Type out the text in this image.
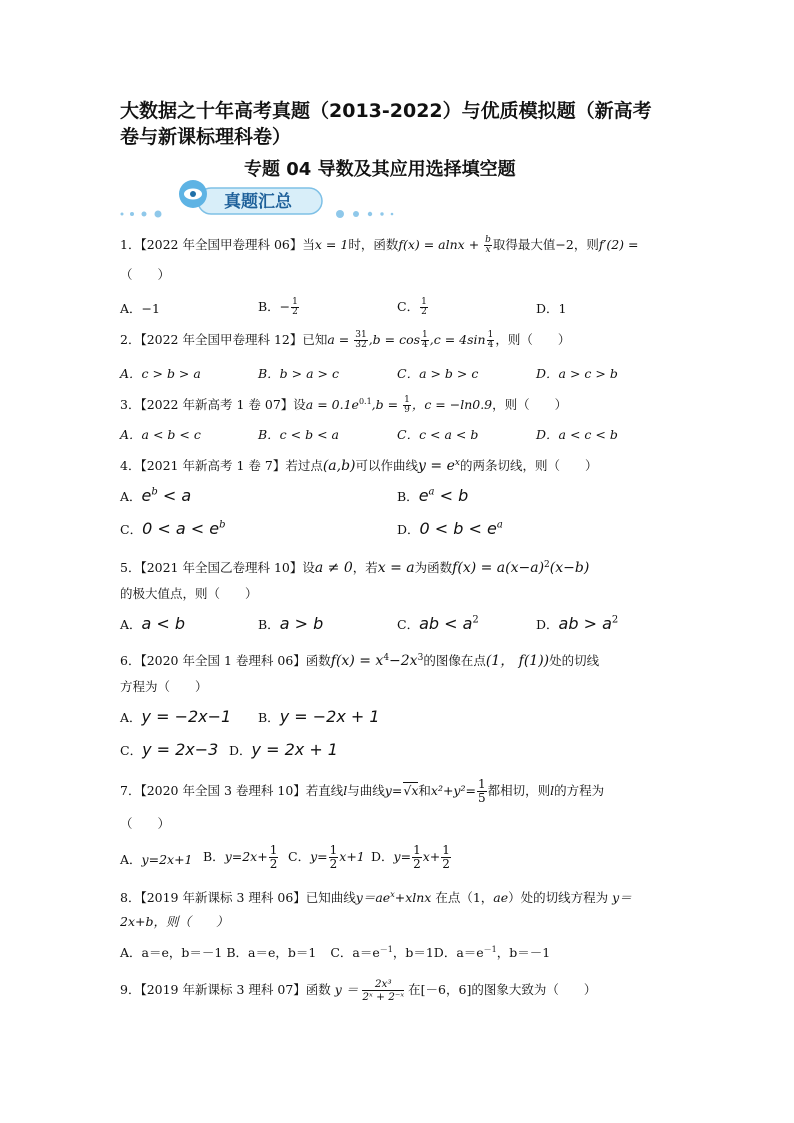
大数据之十年高考真题（2013-2022）与优质模拟题（新高考
卷与新课标理科卷）
专题 04 导数及其应用选择填空题
真题汇总
1．【2022 年全国甲卷理科 06】当x = 1时，函数$f(x) = alnx + \frac{b}{x}$ 取得最大值−2，则f′(2) =
（　　）
A．−1	B．− $\frac{1}{2}$	C． $\frac{1}{2}$	D．1
2．【2022 年全国甲卷理科 12】已知$a = \frac{31}{32} ,b = \cos \frac{1}{4} ,c = 4\sin \frac{1}{4}$ ，则（　　）
A．c > b > a	B．b > a > c	C．a > b > c	D．a > c > b
3．【2022 年新高考 1 卷 07】设$a = 0.1e^{0.1},b = \frac{1}{9}$ ，c = −ln0.9，则（　　）
A．a < b < c	B．c < b < a	C．c < a < b	D．a < c < b
4．【2021 年新高考 1 卷 7】若过点(a,b)可以作曲线$y = e^x$的两条切线，则（　　）
A．$e^b < a$	B．$e^a < b$
C．$0 < a < e^b$	D．$0 < b < e^a$
5．【2021 年全国乙卷理科 10】设a ≠ 0，若x = a为函数$f(x) = a(x-a)^2(x-b)$
的极大值点，则（　　）
A．a < b	B．a > b	C．ab < $a^2$	D．ab > $a^2$
6．【2020 年全国 1 卷理科 06】函数$f(x) = x^4-2x^3$的图像在点(1， f(1))处的切线
方程为（　　）
A．y = −2x−1 B．y = −2x + 1
C．y = 2x−3 D．y = 2x + 1
7．【2020 年全国 3 卷理科 10】若直线l与曲线y=√x和$x^2+y^2= \frac{1}{5}$ 都相切，则l的方程为
（　　）
A．y=2x+1 B．$y=2x+ \frac{1}{2}$ C．$y= \frac{1}{2} x+1$ D．$y= \frac{1}{2} x+ \frac{1}{2}$
8．【2019 年新课标 3 理科 06】已知曲线$y=ae^x+xlnx$ 在点（1，ae）处的切线方程为 y＝
2x+b，则（　　）
A．a＝e，b＝－1 B．a＝e，b＝1 C．$a=e^{-1}$，b＝1D．$a=e^{-1}$，b＝－1
9．【2019 年新课标 3 理科 07】函数 $y = \frac{\text{2x³}}{\text{2ˣ + 2⁻ˣ}}$ 在[－6，6]的图象大致为（　　）
